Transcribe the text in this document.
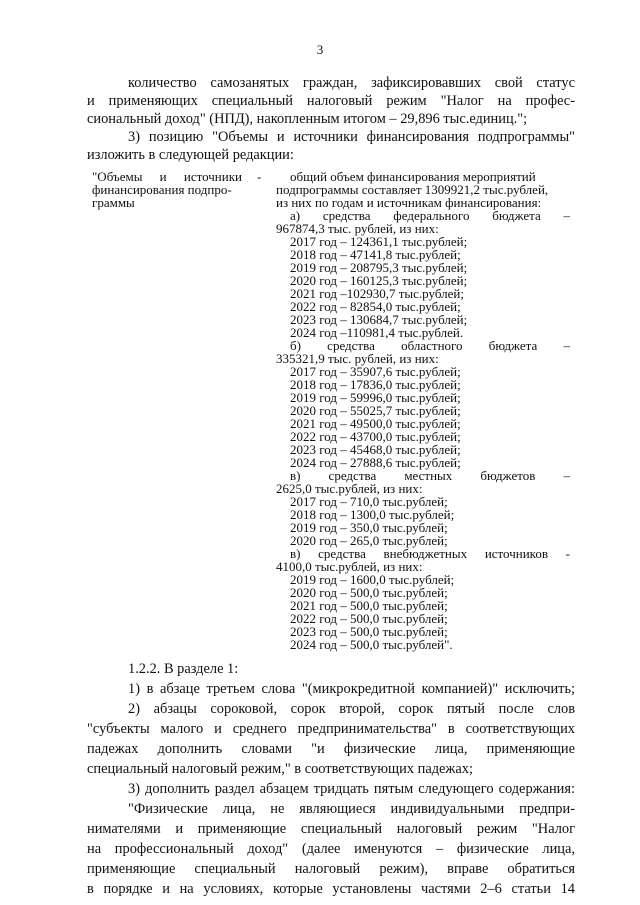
3
количество самозанятых граждан, зафиксировавших свой статус
и применяющих специальный налоговый режим "Налог на профес-
сиональный доход" (НПД), накопленным итогом – 29,896 тыс.единиц.";
3) позицию "Объемы и источники финансирования подпрограммы"
изложить в следующей редакции:
"Объемы и источники
финансирования подпро-
граммы
- общий объем финансирования мероприятий
подпрограммы составляет 1309921,2 тыс.рублей,
из них по годам и источникам финансирования:
а) средства федерального бюджета –
967874,3 тыс. рублей, из них:
2017 год – 124361,1 тыс.рублей;
2018 год – 47141,8 тыс.рублей;
2019 год – 208795,3 тыс.рублей;
2020 год – 160125,3 тыс.рублей;
2021 год –102930,7 тыс.рублей;
2022 год – 82854,0 тыс.рублей;
2023 год – 130684,7 тыс.рублей;
2024 год –110981,4 тыс.рублей.
б) средства областного бюджета –
335321,9 тыс. рублей, из них:
2017 год – 35907,6 тыс.рублей;
2018 год – 17836,0 тыс.рублей;
2019 год – 59996,0 тыс.рублей;
2020 год – 55025,7 тыс.рублей;
2021 год – 49500,0 тыс.рублей;
2022 год – 43700,0 тыс.рублей;
2023 год – 45468,0 тыс.рублей;
2024 год – 27888,6 тыс.рублей;
в) средства местных бюджетов –
2625,0 тыс.рублей, из них:
2017 год – 710,0 тыс.рублей;
2018 год – 1300,0 тыс.рублей;
2019 год – 350,0 тыс.рублей;
2020 год – 265,0 тыс.рублей;
в) средства внебюджетных источников -
4100,0 тыс.рублей, из них:
2019 год – 1600,0 тыс.рублей;
2020 год – 500,0 тыс.рублей;
2021 год – 500,0 тыс.рублей;
2022 год – 500,0 тыс.рублей;
2023 год – 500,0 тыс.рублей;
2024 год – 500,0 тыс.рублей".
1.2.2. В разделе 1:
1) в абзаце третьем слова "(микрокредитной компанией)" исключить;
2) абзацы сороковой, сорок второй, сорок пятый после слов
"субъекты малого и среднего предпринимательства" в соответствующих
падежах дополнить словами "и физические лица, применяющие
специальный налоговый режим," в соответствующих падежах;
3) дополнить раздел абзацем тридцать пятым следующего содержания:
"Физические лица, не являющиеся индивидуальными предпри-
нимателями и применяющие специальный налоговый режим "Налог
на профессиональный доход" (далее именуются – физические лица,
применяющие специальный налоговый режим), вправе обратиться
в порядке и на условиях, которые установлены частями 2–6 статьи 14
